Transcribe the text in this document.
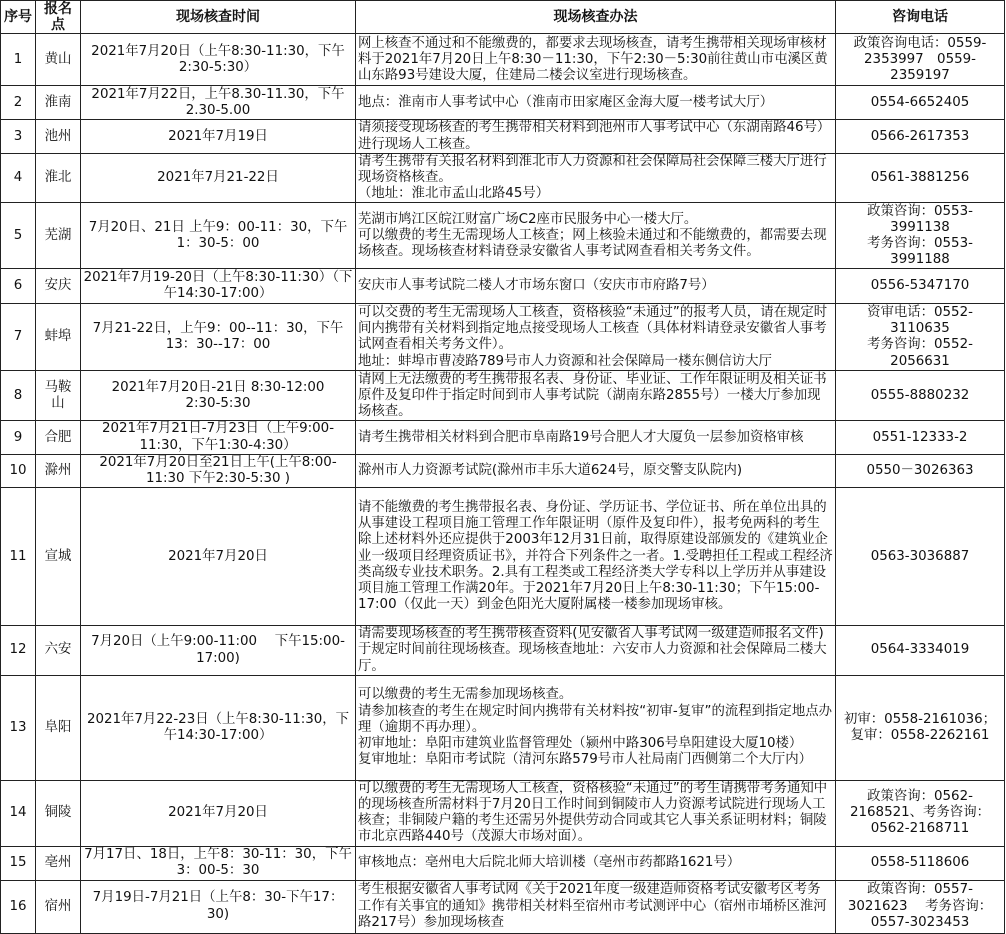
序号	报名点	现场核查时间	现场核查办法	咨询电话
1	黄山	2021年7月20日（上午8:30-11:30，下午2:30-5:30）	网上核查不通过和不能缴费的，都要求去现场核查，请考生携带相关现场审核材料于2021年7月20日上午8:30－11:30，下午2:30－5:30前往黄山市屯溪区黄山东路93号建设大厦，住建局二楼会议室进行现场核查。	政策咨询电话：0559-2353997　0559-2359197
2	淮南	2021年7月22日，上午8.30-11.30，下午2.30-5.00	地点：淮南市人事考试中心（淮南市田家庵区金海大厦一楼考试大厅）	0554-6652405
3	池州	2021年7月19日	请须接受现场核查的考生携带相关材料到池州市人事考试中心（东湖南路46号）进行现场人工核查。	0566-2617353
4	淮北	2021年7月21-22日	请考生携带有关报名材料到淮北市人力资源和社会保障局社会保障三楼大厅进行现场资格核查。
（地址：淮北市孟山北路45号）	0561-3881256
5	芜湖	7月20日、21日 上午9：00-11：30，下午1：30-5：00	芜湖市鸠江区皖江财富广场C2座市民服务中心一楼大厅。
可以缴费的考生无需现场人工核查；网上核验未通过和不能缴费的，都需要去现场核查。现场核查材料请登录安徽省人事考试网查看相关考务文件。	政策咨询：0553-3991138
考务咨询：0553-3991188
6	安庆	2021年7月19-20日（上午8:30-11:30）（下午14:30-17:00）	安庆市人事考试院二楼人才市场东窗口（安庆市市府路7号）	0556-5347170
7	蚌埠	7月21-22日，上午9：00--11：30，下午13：30--17：00	可以交费的考生无需现场人工核查，资格核验“未通过”的报考人员，请在规定时间内携带有关材料到指定地点接受现场人工核查（具体材料请登录安徽省人事考试网查看相关考务文件）。
地址：蚌埠市曹凌路789号市人力资源和社会保障局一楼东侧信访大厅	资审电话：0552-3110635
考务咨询：0552-2056631
8	马鞍山	2021年7月20日-21日 8:30-12:00
2:30-5:30	请网上无法缴费的考生携带报名表、身份证、毕业证、工作年限证明及相关证书原件及复印件于指定时间到市人事考试院（湖南东路2855号）一楼大厅参加现场核查。	0555-8880232
9	合肥	2021年7月21日-7月23日（上午9:00-11:30，下午1:30-4:30）	请考生携带相关材料到合肥市阜南路19号合肥人才大厦负一层参加资格审核	0551-12333-2
10	滁州	2021年7月20日至21日上午(上午8:00-11:30 下午2:30-5:30 )	滁州市人力资源考试院(滁州市丰乐大道624号，原交警支队院内)	0550－3026363
11	宣城	2021年7月20日	请不能缴费的考生携带报名表、身份证、学历证书、学位证书、所在单位出具的从事建设工程项目施工管理工作年限证明（原件及复印件），报考免两科的考生除上述材料外还应提供于2003年12月31日前，取得原建设部颁发的《建筑业企业一级项目经理资质证书》，并符合下列条件之一者。1.受聘担任工程或工程经济类高级专业技术职务。2.具有工程类或工程经济类大学专科以上学历并从事建设项目施工管理工作满20年。于2021年7月20日上午8:30-11:30；下午15:00-17:00（仅此一天）到金色阳光大厦附属楼一楼参加现场审核。	0563-3036887
12	六安	7月20日（上午9:00-11:00　 下午15:00-17:00)	请需要现场核查的考生携带核查资料(见安徽省人事考试网一级建造师报名文件)于规定时间前往现场核查。现场核查地址：六安市人力资源和社会保障局二楼大厅。	0564-3334019
13	阜阳	2021年7月22-23日（上午8:30-11:30，下午14:30-17:00）	可以缴费的考生无需参加现场核查。
请参加核查的考生在规定时间内携带有关材料按“初审-复审”的流程到指定地点办理（逾期不再办理）。
初审地址：阜阳市建筑业监督管理处（颍州中路306号阜阳建设大厦10楼）
复审地址：阜阳市考试院（清河东路579号市人社局南门西侧第二个大厅内）	初审：0558-2161036；
复审：0558-2262161
14	铜陵	2021年7月20日	可以缴费的考生无需现场人工核查，资格核验“未通过”的考生请携带考务通知中的现场核查所需材料于7月20日工作时间到铜陵市人力资源考试院进行现场人工核查；非铜陵户籍的考生还需另外提供劳动合同或其它人事关系证明材料；铜陵市北京西路440号（茂源大市场对面）。	政策咨询：0562-2168521、考务咨询：0562-2168711
15	亳州	7月17日、18日，上午8：30-11：30，下午3：00-5：30	审核地点：亳州电大后院北师大培训楼（亳州市药都路1621号）	0558-5118606
16	宿州	7月19日-7月21日（上午8：30-下午17：30)	考生根据安徽省人事考试网《关于2021年度一级建造师资格考试安徽考区考务工作有关事宜的通知》携带相关材料至宿州市考试测评中心（宿州市埇桥区淮河路217号）参加现场核查	政策咨询：0557-3021623　 考务咨询：0557-3023453
